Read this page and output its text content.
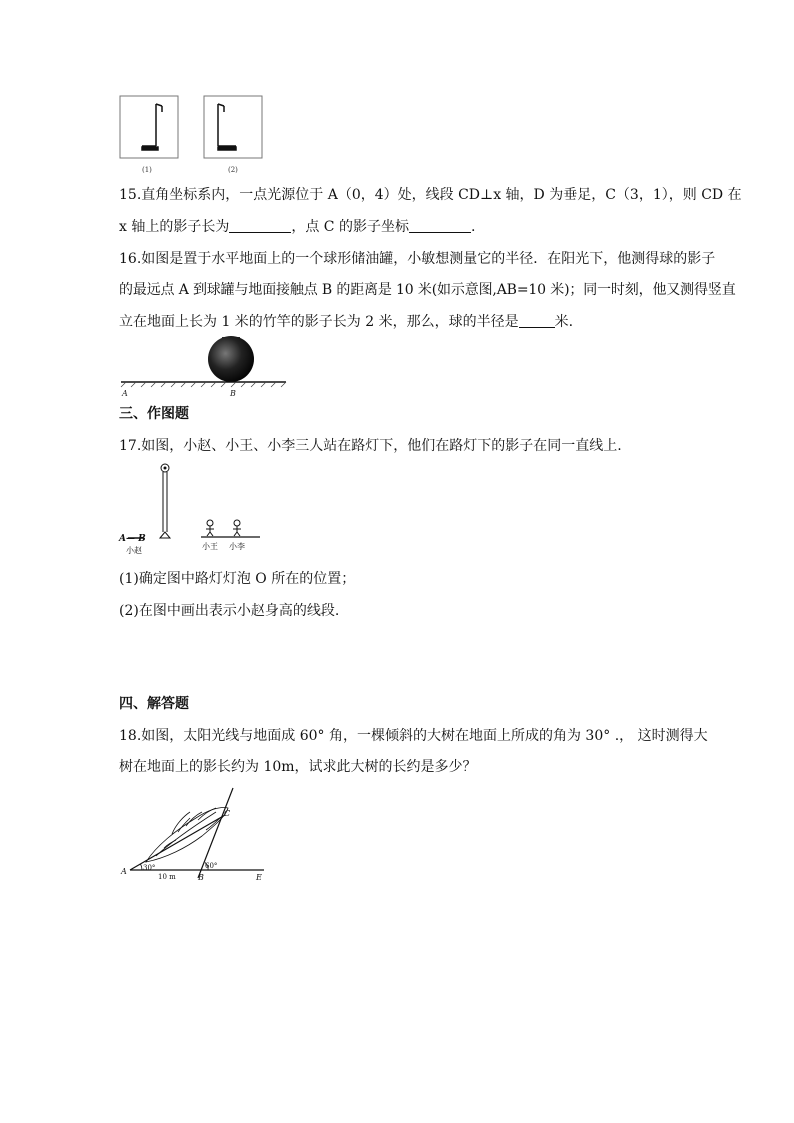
(1)	(2)
15.直角坐标系内，一点光源位于 A（0，4）处，线段 CD⊥x 轴，D 为垂足，C（3，1），则 CD 在
x 轴上的影子长为	，点 C 的影子坐标	.
16.如图是置于水平地面上的一个球形储油罐，小敏想测量它的半径．在阳光下，他测得球的影子
的最远点 A 到球罐与地面接触点 B 的距离是 10 米(如示意图,AB=10 米)；同一时刻，他又测得竖直
立在地面上长为 1 米的竹竿的影子长为 2 米，那么，球的半径是	米.
A	B
三、作图题
17.如图，小赵、小王、小李三人站在路灯下，他们在路灯下的影子在同一直线上.
A— B
小赵	小王 小李
(1)确定图中路灯灯泡 O 所在的位置；
(2)在图中画出表示小赵身高的线段.
四、解答题
18.如图，太阳光线与地面成 60° 角，一棵倾斜的大树在地面上所成的角为 30° .， 这时测得大
树在地面上的影长约为 10m，试求此大树的长约是多少？
A 30°
10 m	B
60°
C
E
